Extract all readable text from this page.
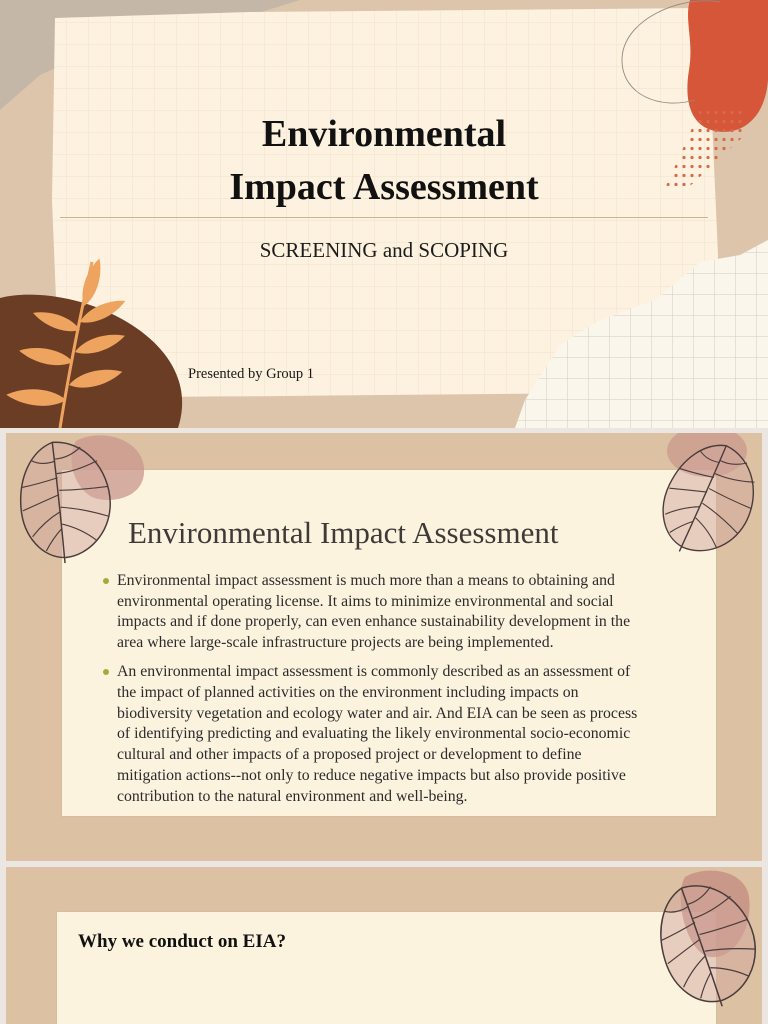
Environmental
Impact Assessment
SCREENING and SCOPING
Presented by Group 1
Environmental Impact Assessment
Environmental impact assessment is much more than a means to obtaining and
environmental operating license. It aims to minimize environmental and social
impacts and if done properly, can even enhance sustainability development in the
area where large-scale infrastructure projects are being implemented.
An environmental impact assessment is commonly described as an assessment of
the impact of planned activities on the environment including impacts on
biodiversity vegetation and ecology water and air. And EIA can be seen as process
of identifying predicting and evaluating the likely environmental socio-economic
cultural and other impacts of a proposed project or development to define
mitigation actions--not only to reduce negative impacts but also provide positive
contribution to the natural environment and well-being.
Why we conduct on EIA?
